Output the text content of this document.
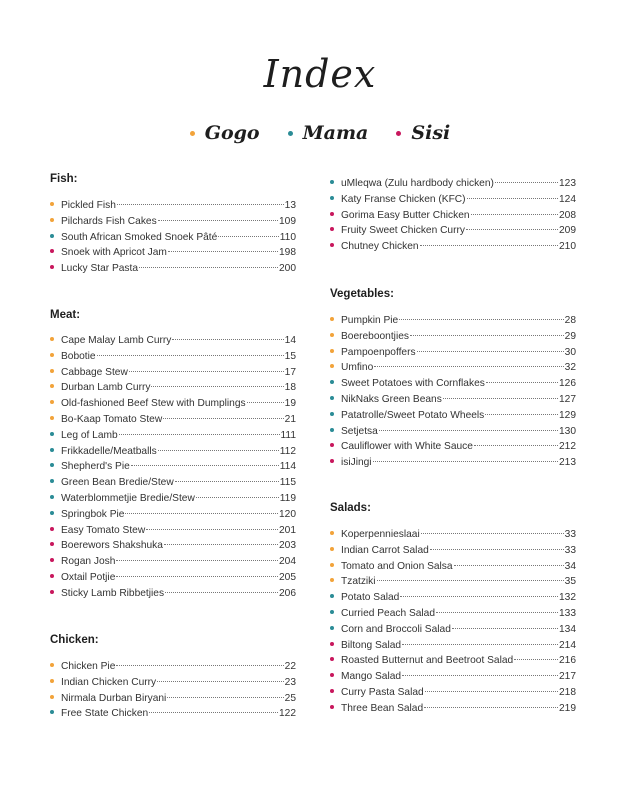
Index
Gogo Mama Sisi
Fish:
Pickled Fish	13
Pilchards Fish Cakes	109
South African Smoked Snoek Pâté	110
Snoek with Apricot Jam	198
Lucky Star Pasta	200
Meat:
Cape Malay Lamb Curry	14
Bobotie	15
Cabbage Stew	17
Durban Lamb Curry	18
Old-fashioned Beef Stew with Dumplings	19
Bo-Kaap Tomato Stew	21
Leg of Lamb	111
Frikkadelle/Meatballs	112
Shepherd's Pie	114
Green Bean Bredie/Stew	115
Waterblommetjie Bredie/Stew	119
Springbok Pie	120
Easy Tomato Stew	201
Boerewors Shakshuka	203
Rogan Josh	204
Oxtail Potjie	205
Sticky Lamb Ribbetjies	206
Chicken:
Chicken Pie	22
Indian Chicken Curry	23
Nirmala Durban Biryani	25
Free State Chicken	122
uMleqwa (Zulu hardbody chicken)	123
Katy Franse Chicken (KFC)	124
Gorima Easy Butter Chicken	208
Fruity Sweet Chicken Curry	209
Chutney Chicken	210
Vegetables:
Pumpkin Pie	28
Boereboontjies	29
Pampoenpoffers	30
Umfino	32
Sweet Potatoes with Cornflakes	126
NikNaks Green Beans	127
Patatrolle/Sweet Potato Wheels	129
Setjetsa	130
Cauliflower with White Sauce	212
isiJingi	213
Salads:
Koperpennieslaai	33
Indian Carrot Salad	33
Tomato and Onion Salsa	34
Tzatziki	35
Potato Salad	132
Curried Peach Salad	133
Corn and Broccoli Salad	134
Biltong Salad	214
Roasted Butternut and Beetroot Salad	216
Mango Salad	217
Curry Pasta Salad	218
Three Bean Salad	219
